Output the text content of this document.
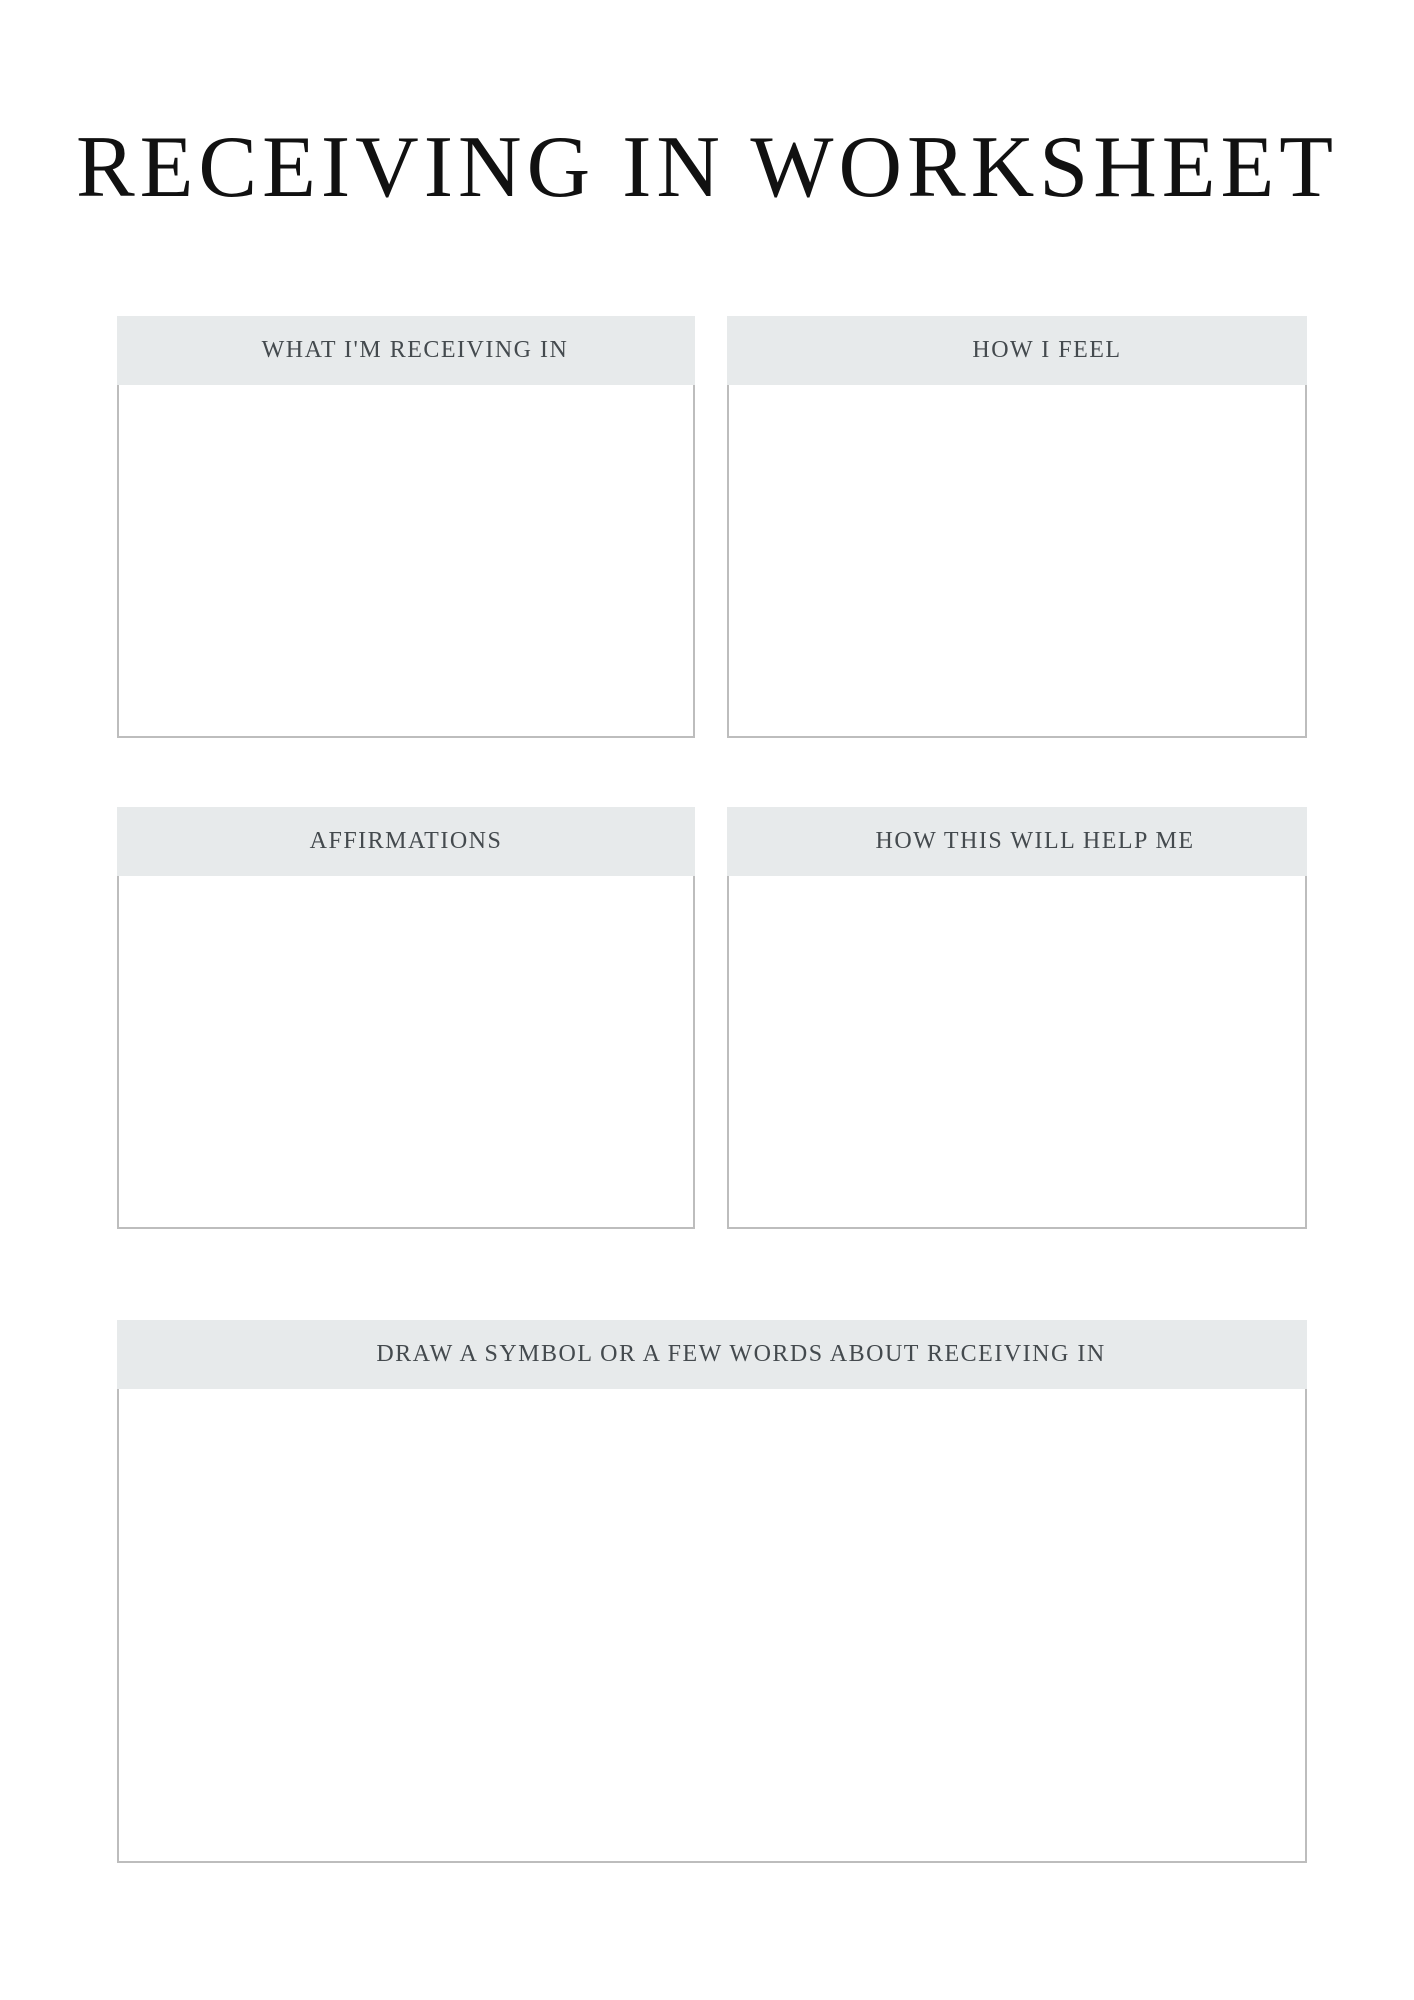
RECEIVING IN WORKSHEET
WHAT I'M RECEIVING IN	HOW I FEEL
AFFIRMATIONS	HOW THIS WILL HELP ME
DRAW A SYMBOL OR A FEW WORDS ABOUT RECEIVING IN
